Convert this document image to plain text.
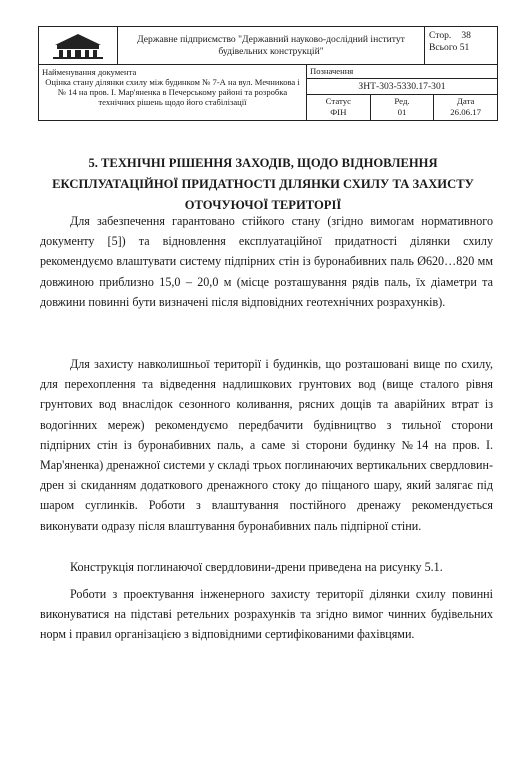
Державне підприємство "Державний науково-дослідний інститут будівельних конструкцій"
Стор. 38
Всього 51
Найменування документа
Оцінка стану ділянки схилу між будинком № 7-А на вул. Мечникова і № 14 на пров. І. Мар'яненка в Печерському районі та розробка технічних рішень щодо його стабілізації
Позначення
ЗНТ-303-5330.17-301
Статус
ФІН
Ред.
01
Дата
26.06.17
5. ТЕХНІЧНІ РІШЕННЯ ЗАХОДІВ, ЩОДО ВІДНОВЛЕННЯ ЕКСПЛУАТАЦІЙНОЇ ПРИДАТНОСТІ ДІЛЯНКИ СХИЛУ ТА ЗАХИСТУ ОТОЧУЮЧОЇ ТЕРИТОРІЇ
Для забезпечення гарантовано стійкого стану (згідно вимогам нормативного документу [5]) та відновлення експлуатаційної придатності ділянки схилу рекомендуємо влаштувати систему підпірних стін із буронабивних паль Ø620…820 мм довжиною приблизно 15,0 – 20,0 м (місце розташування рядів паль, їх діаметри та довжини повинні бути визначені після відповідних геотехнічних розрахунків).
Для захисту навколишньої території і будинків, що розташовані вище по схилу, для перехоплення та відведення надлишкових грунтових вод (вище сталого рівня грунтових вод внаслідок сезонного коливання, рясних дощів та аварійних втрат із водогінних мереж) рекомендуємо передбачити будівництво з тильної сторони підпірних стін із буронабивних паль, а саме зі сторони будинку №14 на пров. І. Мар'яненка) дренажної системи у складі трьох поглинаючих вертикальних свердловин-дрен зі скиданням додаткового дренажного стоку до піщаного шару, який залягає під шаром суглинків. Роботи з влаштування постійного дренажу рекомендується виконувати одразу після влаштування буронабивних паль підпірної стіни.
Конструкція поглинаючої свердловини-дрени приведена на рисунку 5.1.
Роботи з проектування інженерного захисту території ділянки схилу повинні виконуватися на підставі ретельних розрахунків та згідно вимог чинних будівельних норм і правил організацією з відповідними сертифікованими фахівцями.
